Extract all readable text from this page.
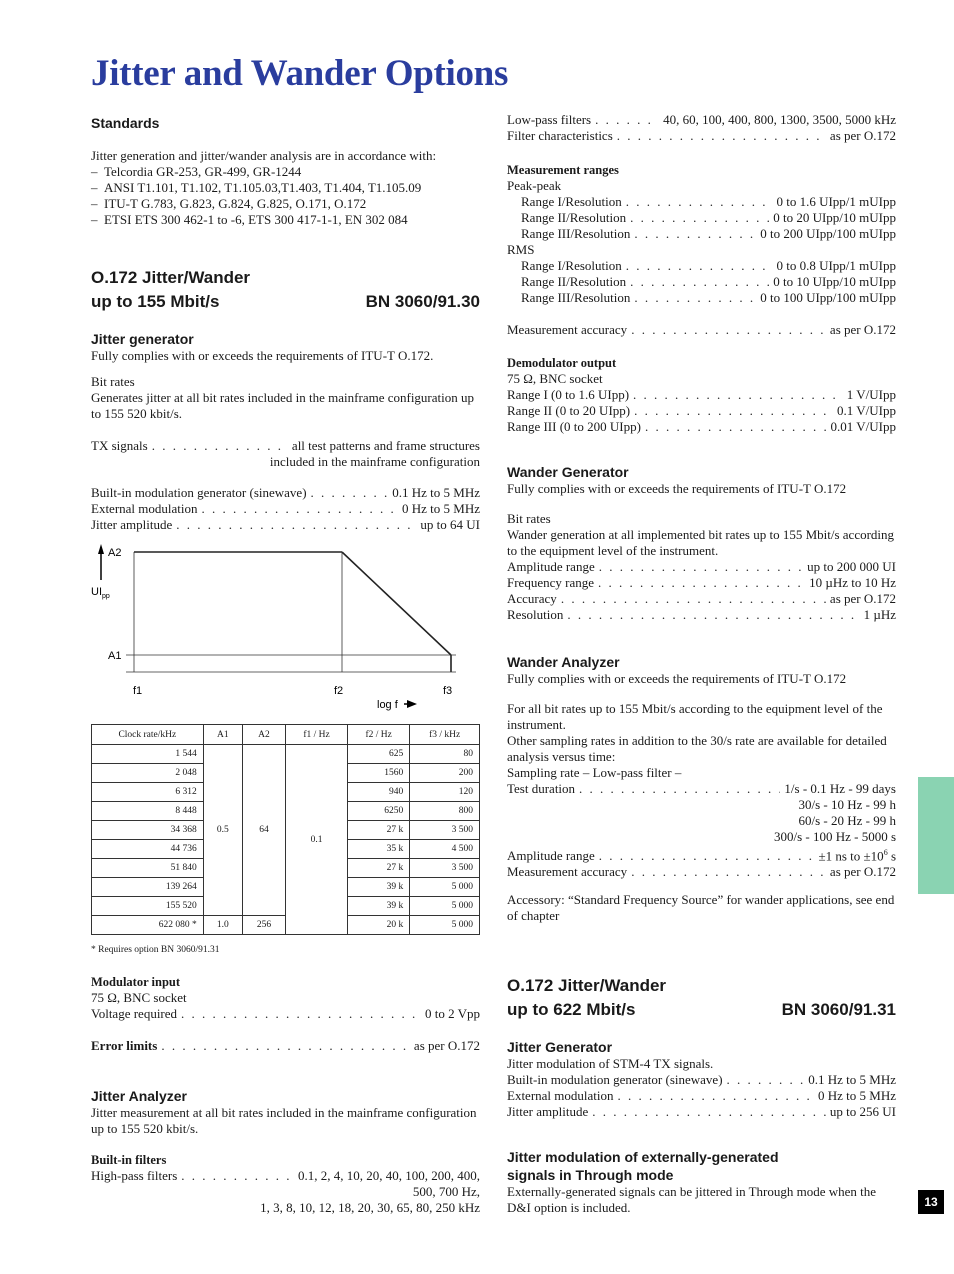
Jitter and Wander Options

Standards

Jitter generation and jitter/wander analysis are in accordance with:

–  Telcordia GR-253, GR-499, GR-1244

–  ANSI T1.101, T1.102, T1.105.03,T1.403, T1.404, T1.105.09

–  ITU-T G.783, G.823, G.824, G.825, O.171, O.172

–  ETSI ETS 300 462-1 to -6, ETS 300 417-1-1, EN 302 084

O.172 Jitter/Wander

up to 155 Mbit/s	BN 3060/91.30

Jitter generator

Fully complies with or exceeds the requirements of ITU-T O.172.

Bit rates

Generates jitter at all bit rates included in the mainframe configuration up to 155 520 kbit/s.

TX signals . . .	all test patterns and frame structures
included in the mainframe configuration
Built-in modulation generator (sinewave) . . .	0.1 Hz to 5 MHz
External modulation . . .	0 Hz to 5 MHz
Jitter amplitude . . .	up to 64 UI
A2
$UI_{pp}$
A1
f1	f2	f3
log f
Clock rate/kHz	A1	A2	f1 / Hz	f2 / Hz	f3 / kHz
1 544	0.5	64	0.1	625	80
2 048				1560	200
6 312				940	120
8 448				6250	800
34 368				27 k	3 500
44 736				35 k	4 500
51 840				27 k	3 500
139 264				39 k	5 000
155 520				39 k	5 000
622 080 *	1.0	256		20 k	5 000
* Requires option BN 3060/91.31

Modulator input

75 Ω, BNC socket

Voltage required . . .	0 to 2 Vpp
Error limits . . .	as per O.172

Jitter Analyzer

Jitter measurement at all bit rates included in the mainframe configuration up to 155 520 kbit/s.

Built-in filters

High-pass filters . . .	0.1, 2, 4, 10, 20, 40, 100, 200, 400,
500, 700 Hz,
1, 3, 8, 10, 12, 18, 20, 30, 65, 80, 250 kHz
Low-pass filters . . .	40, 60, 100, 400, 800, 1300, 3500, 5000 kHz
Filter characteristics . . .	as per O.172

Measurement ranges

Peak-peak

Range I/Resolution . . .	0 to 1.6 UIpp/1 mUIpp
Range II/Resolution . . .	0 to 20 UIpp/10 mUIpp
Range III/Resolution . . .	0 to 200 UIpp/100 mUIpp

RMS

Range I/Resolution . . .	0 to 0.8 UIpp/1 mUIpp
Range II/Resolution . . .	0 to 10 UIpp/10 mUIpp
Range III/Resolution . . .	0 to 100 UIpp/100 mUIpp
Measurement accuracy . . .	as per O.172

Demodulator output

75 Ω, BNC socket

Range I (0 to 1.6 UIpp) . . .	1 V/UIpp
Range II (0 to 20 UIpp) . . .	0.1 V/UIpp
Range III (0 to 200 UIpp) . . .	0.01 V/UIpp

Wander Generator

Fully complies with or exceeds the requirements of ITU-T O.172

Bit rates

Wander generation at all implemented bit rates up to 155 Mbit/s according to the equipment level of the instrument.

Amplitude range . . .	up to 200 000 UI
Frequency range . . .	10 µHz to 10 Hz
Accuracy . . .	as per O.172
Resolution . . .	1 µHz

Wander Analyzer

Fully complies with or exceeds the requirements of ITU-T O.172

For all bit rates up to 155 Mbit/s according to the equipment level of the instrument.

Other sampling rates in addition to the 30/s rate are available for detailed analysis versus time:

Sampling rate – Low-pass filter –

Test duration . . .	1/s - 0.1 Hz - 99 days
30/s - 10 Hz - 99 h
60/s - 20 Hz - 99 h
300/s - 100 Hz - 5000 s
Amplitude range . . .	±1 ns to $\pm 10^6$ s
Measurement accuracy . . .	as per O.172

Accessory: “Standard Frequency Source” for wander applications, see end of chapter

O.172 Jitter/Wander

up to 622 Mbit/s	BN 3060/91.31

Jitter Generator

Jitter modulation of STM-4 TX signals.

Built-in modulation generator (sinewave) . . .	0.1 Hz to 5 MHz
External modulation . . .	0 Hz to 5 MHz
Jitter amplitude . . .	up to 256 UI

Jitter modulation of externally-generated

signals in Through mode

Externally-generated signals can be jittered in Through mode when the D&I option is included.	13
